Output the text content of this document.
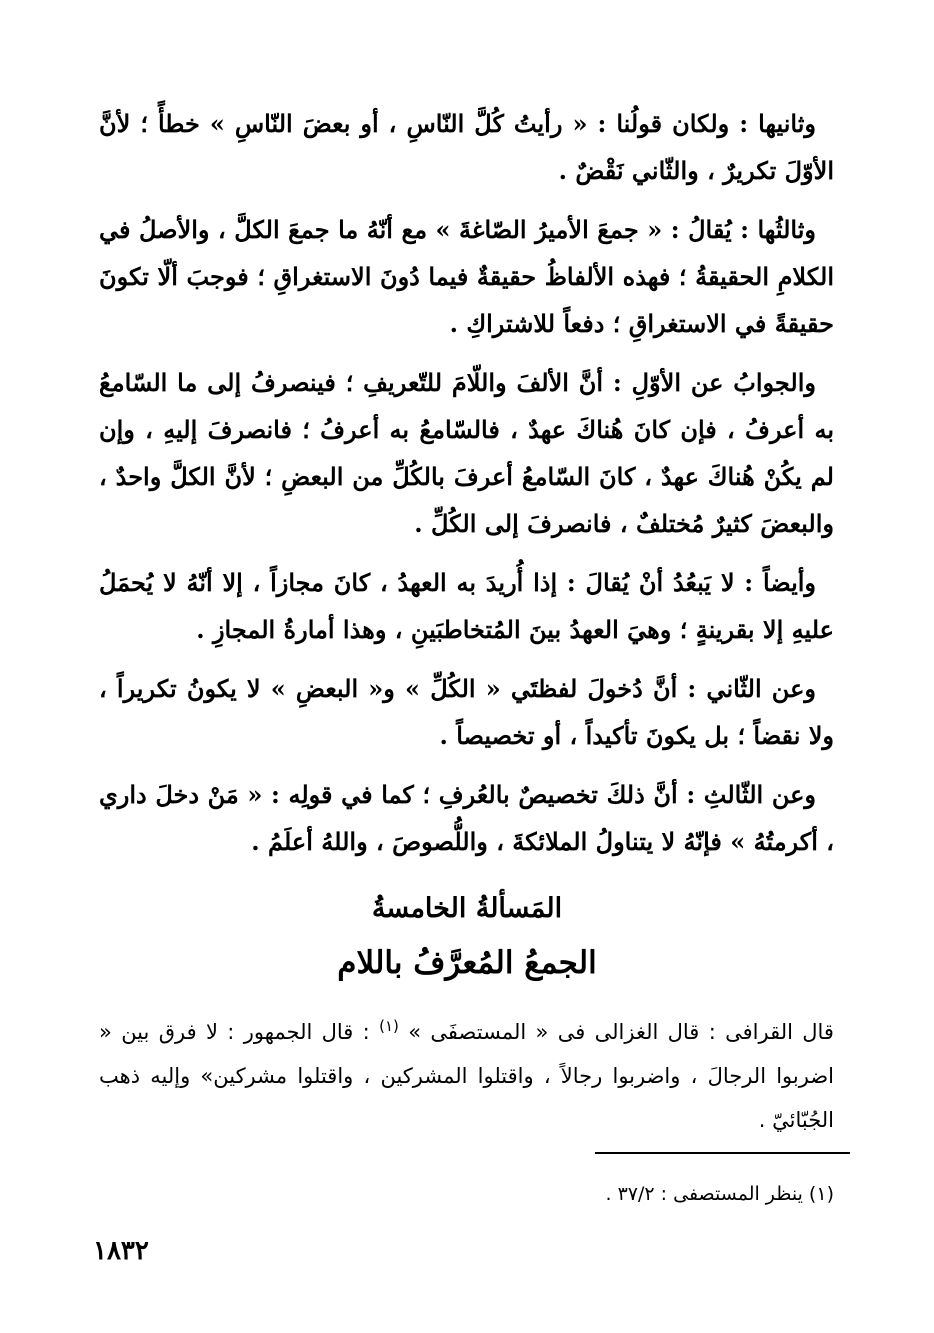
وثانيها : ولكان قولُنا : « رأيتُ كُلَّ النّاسِ ، أو بعضَ النّاسِ » خطأً ؛ لأنَّ الأوّلَ تكريرٌ ، والثّاني نَقْضٌ .

وثالثُها : يُقالُ : « جمعَ الأميرُ الصّاغةَ » مع أنّهُ ما جمعَ الكلَّ ، والأصلُ في الكلامِ الحقيقةُ ؛ فهذه الألفاظُ حقيقةٌ فيما دُونَ الاستغراقِ ؛ فوجبَ ألّا تكونَ حقيقةً في الاستغراقِ ؛ دفعاً للاشتراكِ .

والجوابُ عن الأوّلِ : أنَّ الألفَ واللّامَ للتّعريفِ ؛ فينصرفُ إلى ما السّامعُ به أعرفُ ، فإن كانَ هُناكَ عهدٌ ، فالسّامعُ به أعرفُ ؛ فانصرفَ إليهِ ، وإن لم يكُنْ هُناكَ عهدٌ ، كانَ السّامعُ أعرفَ بالكُلِّ من البعضِ ؛ لأنَّ الكلَّ واحدٌ ، والبعضَ كثيرٌ مُختلفٌ ، فانصرفَ إلى الكُلِّ .

وأيضاً : لا يَبعُدُ أنْ يُقالَ : إذا أُريدَ به العهدُ ، كانَ مجازاً ، إلا أنّهُ لا يُحمَلُ عليهِ إلا بقرينةٍ ؛ وهيَ العهدُ بينَ المُتخاطبَينِ ، وهذا أمارةُ المجازِ .

وعن الثّاني : أنَّ دُخولَ لفظتَي « الكُلِّ » و« البعضِ » لا يكونُ تكريراً ، ولا نقضاً ؛ بل يكونَ تأكيداً ، أو تخصيصاً .

وعن الثّالثِ : أنَّ ذلكَ تخصيصٌ بالعُرفِ ؛ كما في قولِه : « مَنْ دخلَ داري ، أكرمتُهُ » فإنّهُ لا يتناولُ الملائكةَ ، واللُّصوصَ ، واللهُ أعلَمُ .

المَسألةُ الخامسةُ
الجمعُ المُعرَّفُ باللام
قال القرافى : قال الغزالى فى « المستصفَى » $^{(١)}$ : قال الجمهور : لا فرق بين « اضربوا الرجالَ ، واضربوا رجالاً ، واقتلوا المشركين ، واقتلوا مشركين» وإليه ذهب الجُبّائيّ .
(١) ينظر المستصفى : ٣٧/٢ .
١٨٣٢
